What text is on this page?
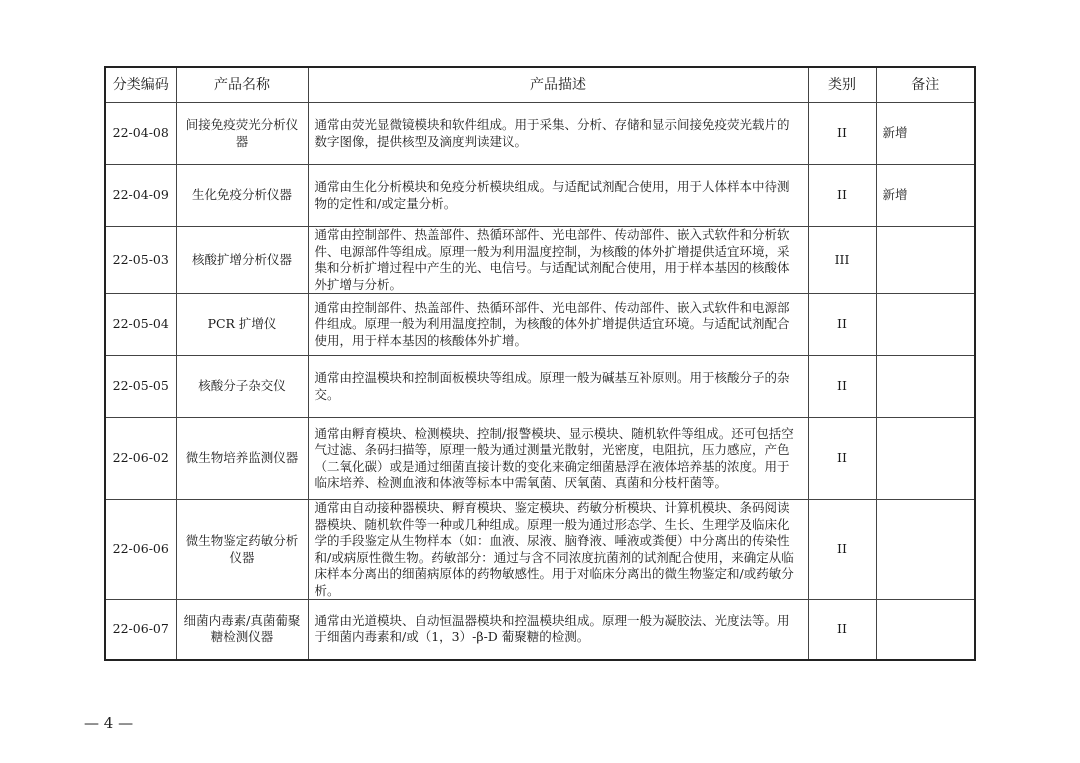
分类编码	产品名称	产品描述	类别	备注
22-04-08	间接免疫荧光分析仪器	通常由荧光显微镜模块和软件组成。用于采集、分析、存储和显示间接免疫荧光载片的数字图像，提供核型及滴度判读建议。	II	新增
22-04-09	生化免疫分析仪器	通常由生化分析模块和免疫分析模块组成。与适配试剂配合使用，用于人体样本中待测物的定性和/或定量分析。	II	新增
22-05-03	核酸扩增分析仪器	通常由控制部件、热盖部件、热循环部件、光电部件、传动部件、嵌入式软件和分析软件、电源部件等组成。原理一般为利用温度控制，为核酸的体外扩增提供适宜环境，采集和分析扩增过程中产生的光、电信号。与适配试剂配合使用，用于样本基因的核酸体外扩增与分析。	III	
22-05-04	PCR 扩增仪	通常由控制部件、热盖部件、热循环部件、光电部件、传动部件、嵌入式软件和电源部件组成。原理一般为利用温度控制，为核酸的体外扩增提供适宜环境。与适配试剂配合使用，用于样本基因的核酸体外扩增。	II	
22-05-05	核酸分子杂交仪	通常由控温模块和控制面板模块等组成。原理一般为碱基互补原则。用于核酸分子的杂交。	II	
22-06-02	微生物培养监测仪器	通常由孵育模块、检测模块、控制/报警模块、显示模块、随机软件等组成。还可包括空气过滤、条码扫描等，原理一般为通过测量光散射，光密度，电阻抗，压力感应，产色（二氧化碳）或是通过细菌直接计数的变化来确定细菌悬浮在液体培养基的浓度。用于临床培养、检测血液和体液等标本中需氧菌、厌氧菌、真菌和分枝杆菌等。	II	
22-06-06	微生物鉴定药敏分析仪器	通常由自动接种器模块、孵育模块、鉴定模块、药敏分析模块、计算机模块、条码阅读器模块、随机软件等一种或几种组成。原理一般为通过形态学、生长、生理学及临床化学的手段鉴定从生物样本（如：血液、尿液、脑脊液、唾液或粪便）中分离出的传染性和/或病原性微生物。药敏部分：通过与含不同浓度抗菌剂的试剂配合使用，来确定从临床样本分离出的细菌病原体的药物敏感性。用于对临床分离出的微生物鉴定和/或药敏分析。	II	
22-06-07	细菌内毒素/真菌葡聚糖检测仪器	通常由光道模块、自动恒温器模块和控温模块组成。原理一般为凝胶法、光度法等。用于细菌内毒素和/或（1，3）-β-D 葡聚糖的检测。	II	
— 4 —
